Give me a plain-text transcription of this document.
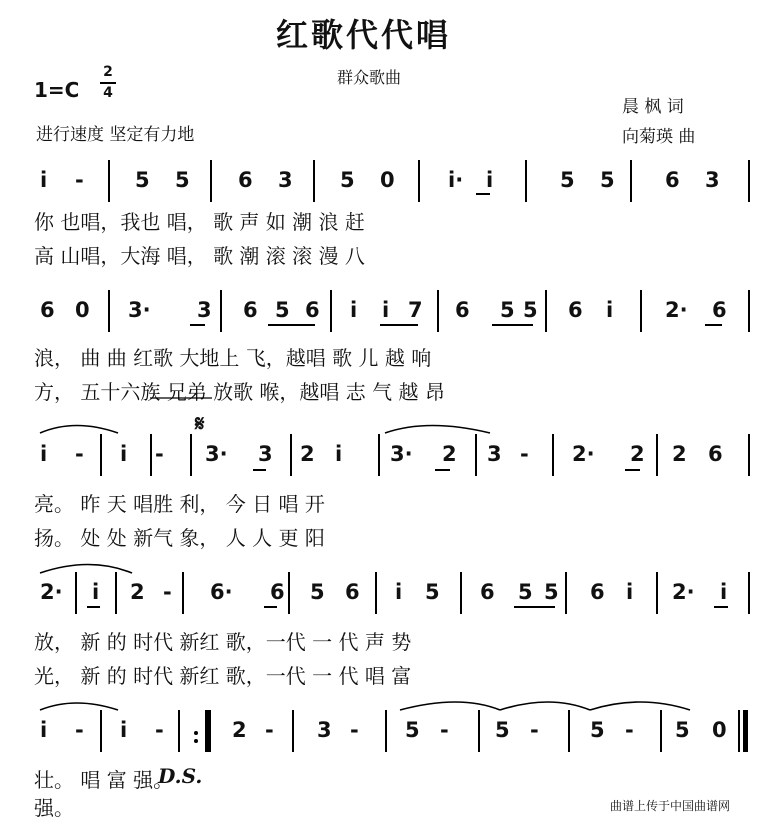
红歌代代唱
群众歌曲
1=C
2
4
进行速度 坚定有力地
晨 枫 词
向菊瑛 曲
i - 5 5 6 3 5 0	i· i	5 5 6 3
你 也唱，我也 唱， 歌 声 如 潮 浪 赶
高 山唱，大海 唱， 歌 潮 滚 滚 漫 八
6 0 3· 3 6 5 6 i i 7 6 5 5 6 i 2· 6
浪， 曲 曲 红歌 大地上 飞，越唱 歌 儿 越 响
方， 五十六族 兄弟 放歌 喉，越唱 志 气 越 昂
𝄋
i - i - 3· 3 2 i 3· 2 3 - 2· 2 2 6
亮。 昨 天 唱胜 利， 今 日 唱 开
扬。 处 处 新气 象， 人 人 更 阳
2· i 2 - 6· 6 5 6 i 5 6 5 5 6 i 2· i
放， 新 的 时代 新红 歌，一代 一 代 声 势
光， 新 的 时代 新红 歌，一代 一 代 唱 富
i - i -	2 - 3 - 5 - 5 - 5 - 5 0
D.S.
壮。 唱 富 强。
强。	曲谱上传于中国曲谱网
